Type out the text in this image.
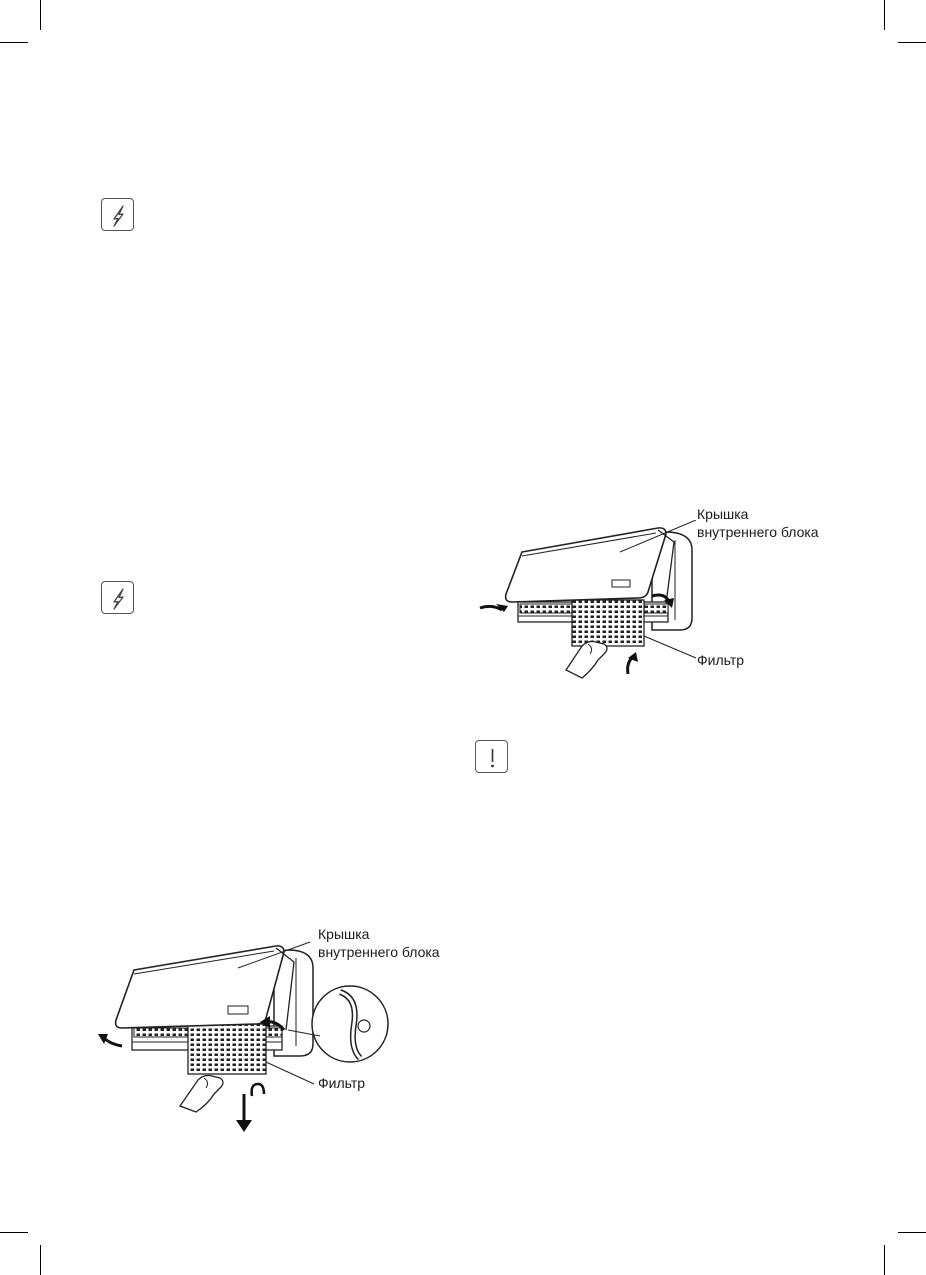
Крышка
внутреннего блока
Фильтр
Крышка
внутреннего блока
Фильтр
